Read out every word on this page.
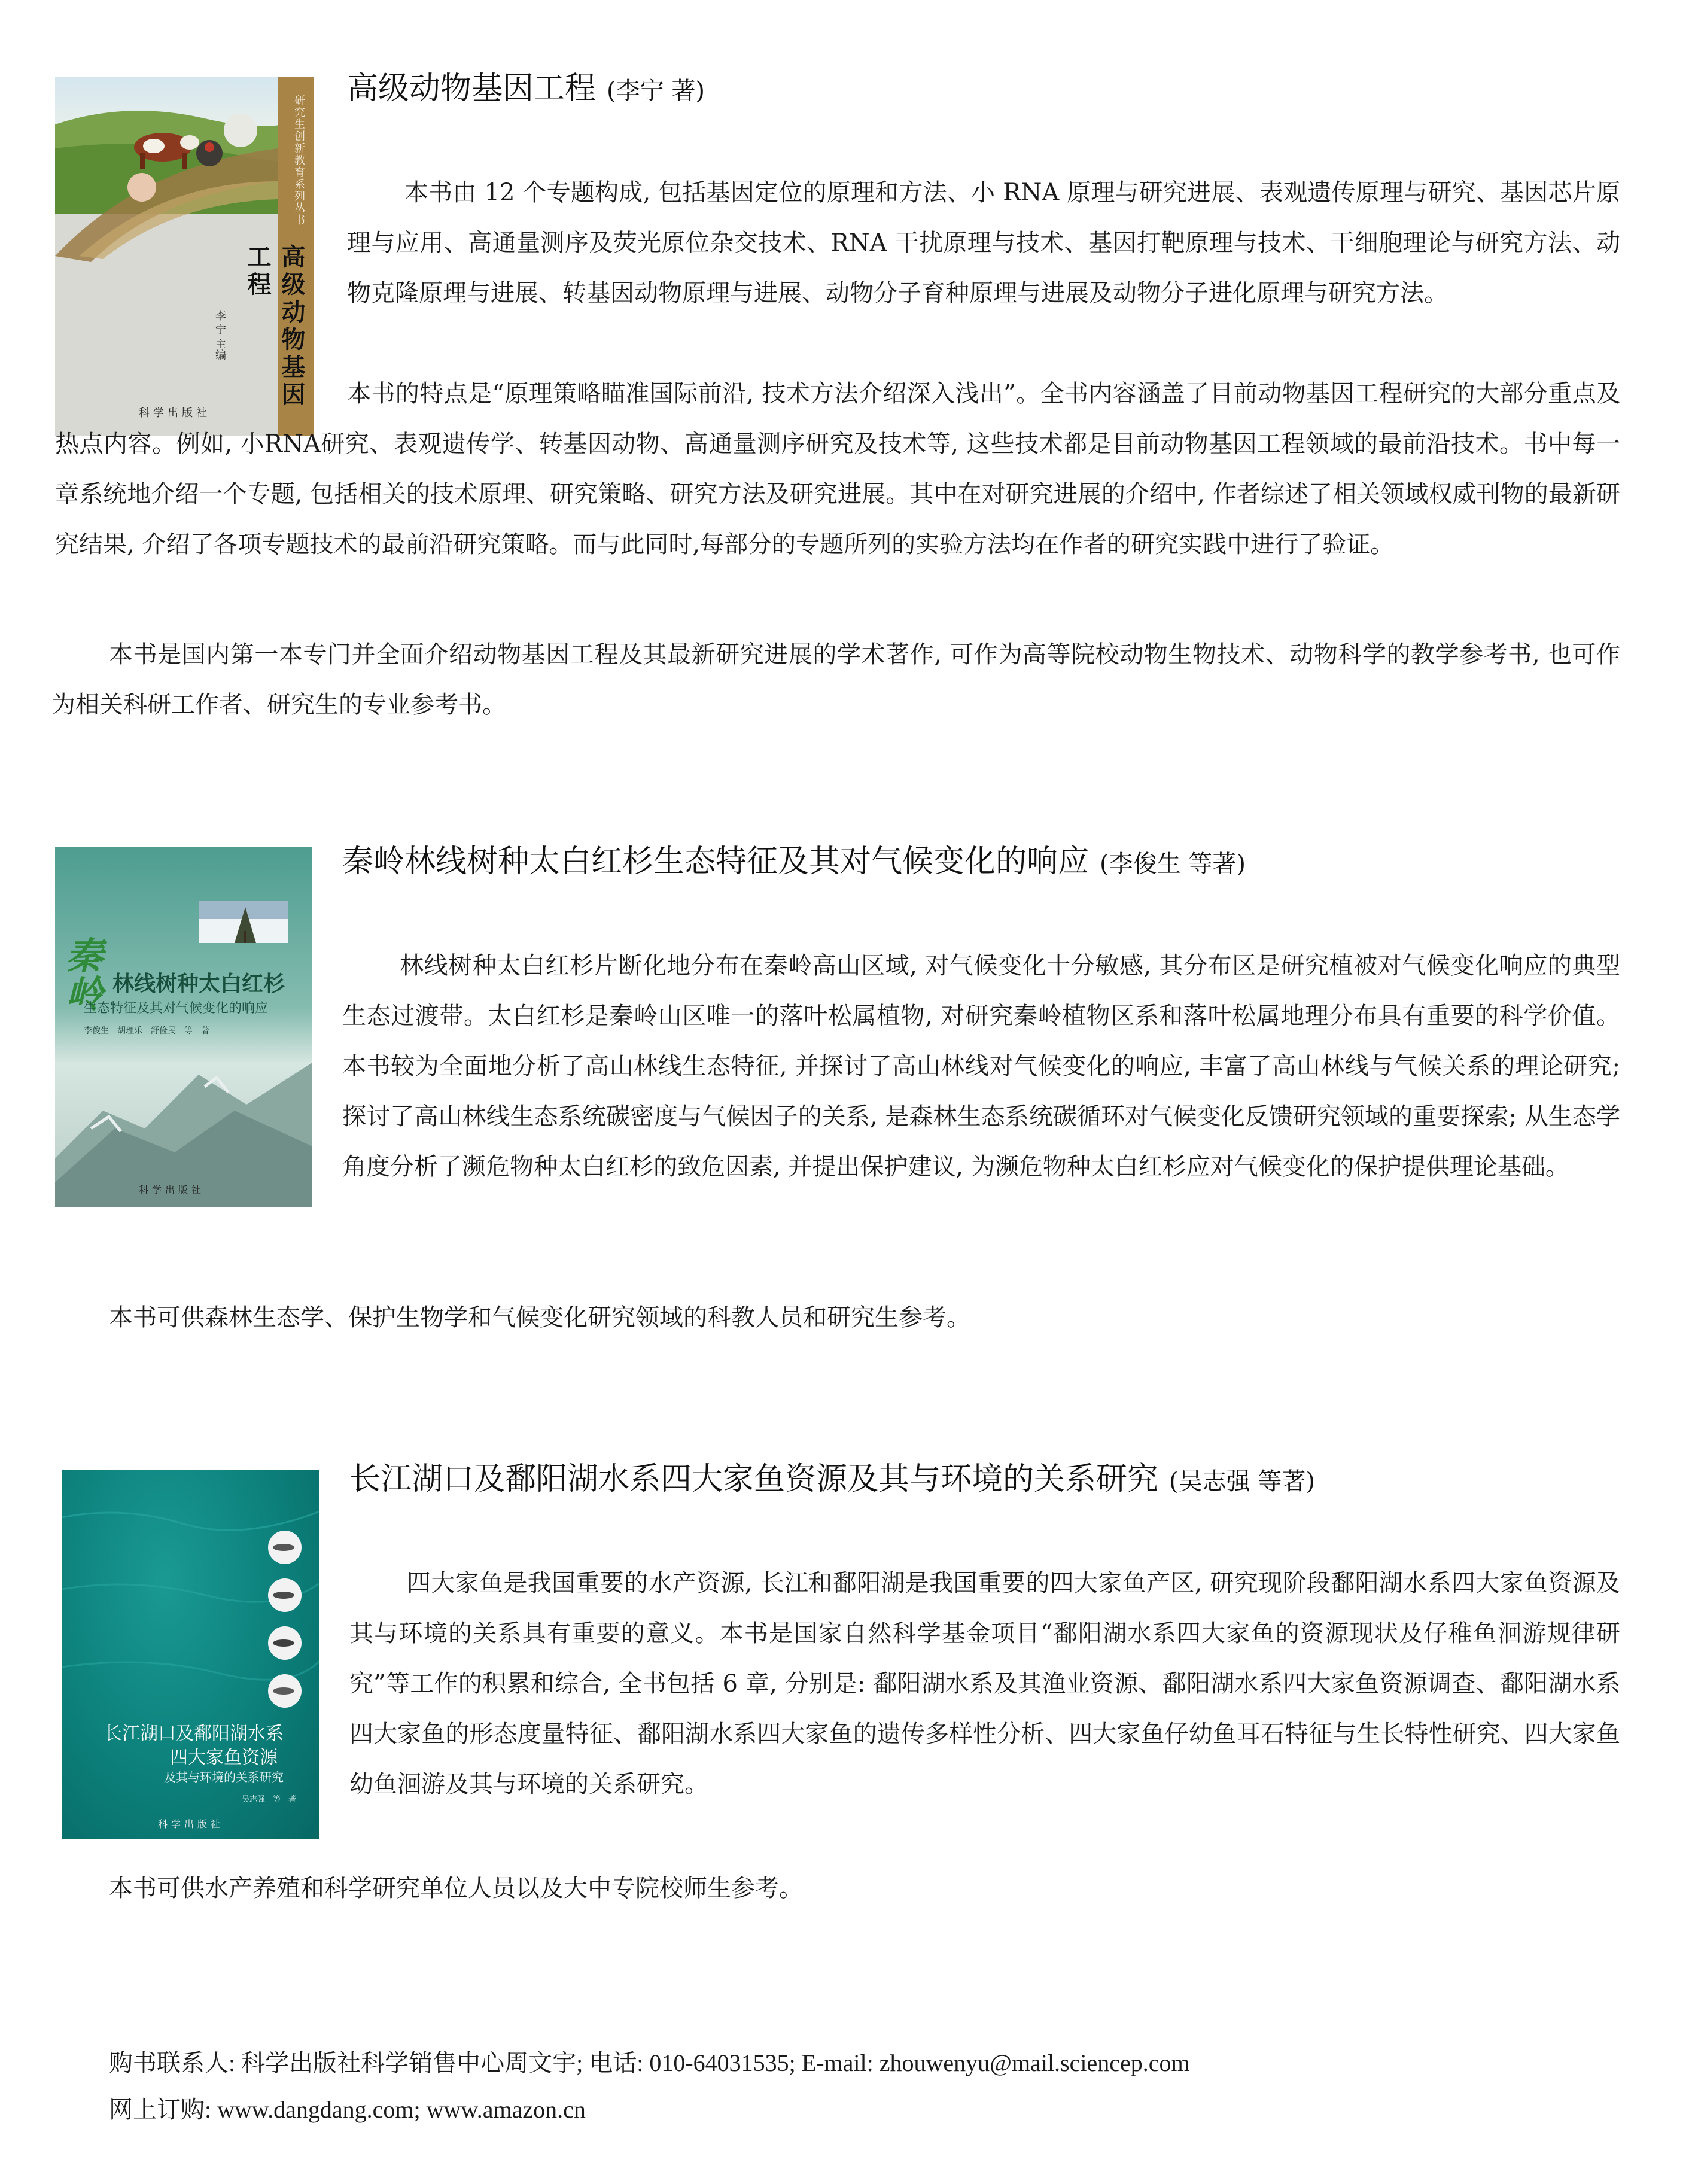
研究生创新教育系列丛书
高级动物基因工程
李 宁 主编
科学出版社
高级动物基因工程 (李宁 著)

本书由 12 个专题构成, 包括基因定位的原理和方法、小 RNA 原理与研究进展、表观遗传原理与研究、基因芯片原理与应用、高通量测序及荧光原位杂交技术、RNA 干扰原理与技术、基因打靶原理与技术、干细胞理论与研究方法、动物克隆原理与进展、转基因动物原理与进展、动物分子育种原理与进展及动物分子进化原理与研究方法。

本书的特点是“原理策略瞄准国际前沿, 技术方法介绍深入浅出”。全书内容涵盖了目前动物基因工程研究的大部分重点及热点内容。例如, 小RNA研究、表观遗传学、转基因动物、高通量测序研究及技术等, 这些技术都是目前动物基因工程领域的最前沿技术。书中每一章系统地介绍一个专题, 包括相关的技术原理、研究策略、研究方法及研究进展。其中在对研究进展的介绍中, 作者综述了相关领域权威刊物的最新研究结果, 介绍了各项专题技术的最前沿研究策略。而与此同时,每部分的专题所列的实验方法均在作者的研究实践中进行了验证。

本书是国内第一本专门并全面介绍动物基因工程及其最新研究进展的学术著作, 可作为高等院校动物生物技术、动物科学的教学参考书, 也可作为相关科研工作者、研究生的专业参考书。

秦岭 林线树种太白红杉
生态特征及其对气候变化的响应
李俊生　胡理乐　舒俭民　等　著
科学出版社
秦岭林线树种太白红杉生态特征及其对气候变化的响应 (李俊生 等著)

林线树种太白红杉片断化地分布在秦岭高山区域, 对气候变化十分敏感, 其分布区是研究植被对气候变化响应的典型生态过渡带。太白红杉是秦岭山区唯一的落叶松属植物, 对研究秦岭植物区系和落叶松属地理分布具有重要的科学价值。本书较为全面地分析了高山林线生态特征, 并探讨了高山林线对气候变化的响应, 丰富了高山林线与气候关系的理论研究; 探讨了高山林线生态系统碳密度与气候因子的关系, 是森林生态系统碳循环对气候变化反馈研究领域的重要探索; 从生态学角度分析了濒危物种太白红杉的致危因素, 并提出保护建议, 为濒危物种太白红杉应对气候变化的保护提供理论基础。

本书可供森林生态学、保护生物学和气候变化研究领域的科教人员和研究生参考。

长江湖口及鄱阳湖水系
四大家鱼资源
及其与环境的关系研究
吴志强　等　著
科学出版社
长江湖口及鄱阳湖水系四大家鱼资源及其与环境的关系研究 (吴志强 等著)

四大家鱼是我国重要的水产资源, 长江和鄱阳湖是我国重要的四大家鱼产区, 研究现阶段鄱阳湖水系四大家鱼资源及其与环境的关系具有重要的意义。本书是国家自然科学基金项目“鄱阳湖水系四大家鱼的资源现状及仔稚鱼洄游规律研究”等工作的积累和综合, 全书包括 6 章, 分别是: 鄱阳湖水系及其渔业资源、鄱阳湖水系四大家鱼资源调查、鄱阳湖水系四大家鱼的形态度量特征、鄱阳湖水系四大家鱼的遗传多样性分析、四大家鱼仔幼鱼耳石特征与生长特性研究、四大家鱼幼鱼洄游及其与环境的关系研究。

本书可供水产养殖和科学研究单位人员以及大中专院校师生参考。

购书联系人: 科学出版社科学销售中心周文宇; 电话: 010-64031535; E-mail: zhouwenyu@mail.sciencep.com
网上订购: www.dangdang.com; www.amazon.cn
